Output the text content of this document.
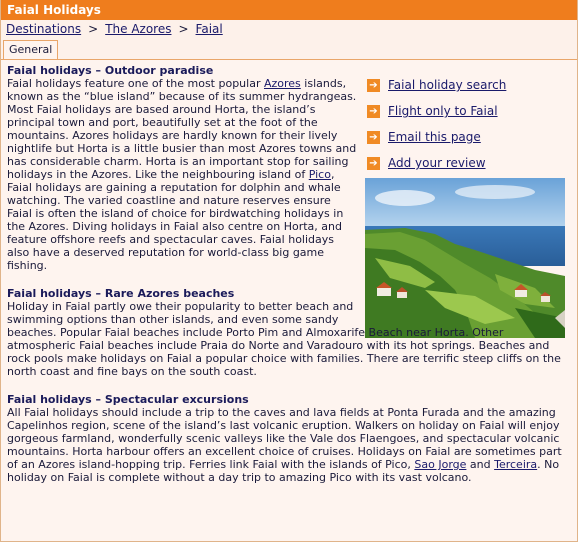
Faial Holidays
Destinations > The Azores > Faial
General
➔ Faial holiday search
➔ Flight only to Faial
➔ Email this page
➔ Add your review
Faial holidays – Outdoor paradise

Faial holidays feature one of the most popular Azores islands, known as the “blue island” because of its summer hydrangeas. Most Faial holidays are based around Horta, the island’s principal town and port, beautifully set at the foot of the mountains. Azores holidays are hardly known for their lively nightlife but Horta is a little busier than most Azores towns and has considerable charm. Horta is an important stop for sailing holidays in the Azores. Like the neighbouring island of Pico, Faial holidays are gaining a reputation for dolphin and whale watching. The varied coastline and nature reserves ensure Faial is often the island of choice for birdwatching holidays in the Azores. Diving holidays in Faial also centre on Horta, and feature offshore reefs and spectacular caves. Faial holidays also have a deserved reputation for world-class big game fishing.

Faial holidays – Rare Azores beaches

Holiday in Faial partly owe their popularity to better beach and swimming options than other islands, and even some sandy beaches. Popular Faial beaches include Porto Pim and Almoxarife Beach near Horta. Other atmospheric Faial beaches include Praia do Norte and Varadouro with its hot springs. Beaches and rock pools make holidays on Faial a popular choice with families. There are terrific steep cliffs on the north coast and fine bays on the south coast.

Faial holidays – Spectacular excursions

All Faial holidays should include a trip to the caves and lava fields at Ponta Furada and the amazing Capelinhos region, scene of the island’s last volcanic eruption. Walkers on holiday on Faial will enjoy gorgeous farmland, wonderfully scenic valleys like the Vale dos Flaengoes, and spectacular volcanic mountains. Horta harbour offers an excellent choice of cruises. Holidays on Faial are sometimes part of an Azores island-hopping trip. Ferries link Faial with the islands of Pico, Sao Jorge and Terceira. No holiday on Faial is complete without a day trip to amazing Pico with its vast volcano.
